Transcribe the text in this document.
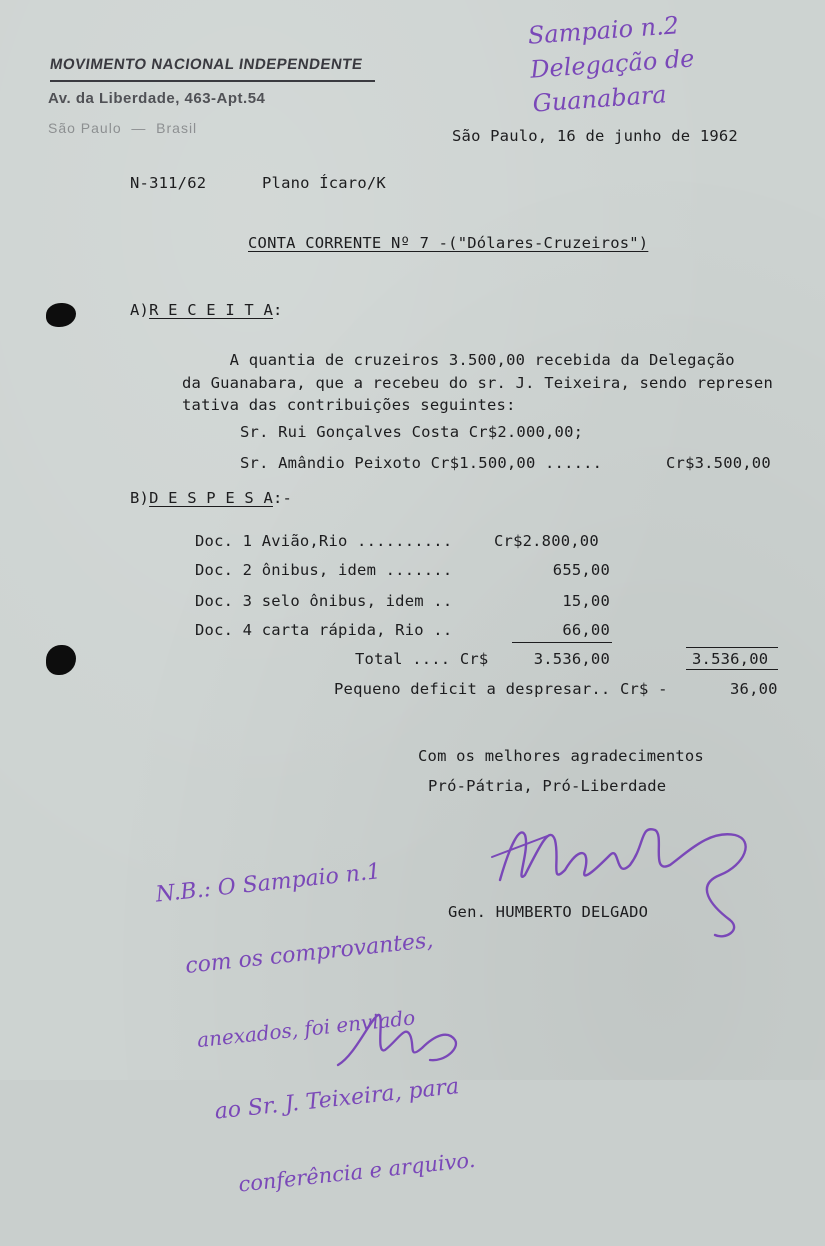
MOVIMENTO NACIONAL INDEPENDENTE
Av. da Liberdade, 463-Apt.54
São Paulo  —  Brasil
Sampaio n.2 Delegação de Guanabara
São Paulo, 16 de junho de 1962
N-311/62	Plano Ícaro/K
CONTA CORRENTE Nº 7 -("Dólares-Cruzeiros")
A)R E C E I T A:
A quantia de cruzeiros 3.500,00 recebida da Delegação
da Guanabara, que a recebeu do sr. J. Teixeira, sendo represen
tativa das contribuições seguintes:
Sr. Rui Gonçalves Costa Cr$2.000,00;
Sr. Amândio Peixoto Cr$1.500,00 ......	Cr$3.500,00
B)D E S P E S A:-
Doc. 1 Avião,Rio ..........	Cr$2.800,00
Doc. 2 ônibus, idem .......	655,00
Doc. 3 selo ônibus, idem ..	15,00
Doc. 4 carta rápida, Rio ..	66,00
Total .... Cr$	3.536,00	3.536,00
Pequeno deficit a despresar.. Cr$ -	36,00
Com os melhores agradecimentos
Pró-Pátria, Pró-Liberdade
Gen. HUMBERTO DELGADO

N.B.: O Sampaio n.1

com os comprovantes,

anexados, foi enviado

ao Sr. J. Teixeira, para

conferência e arquivo.
